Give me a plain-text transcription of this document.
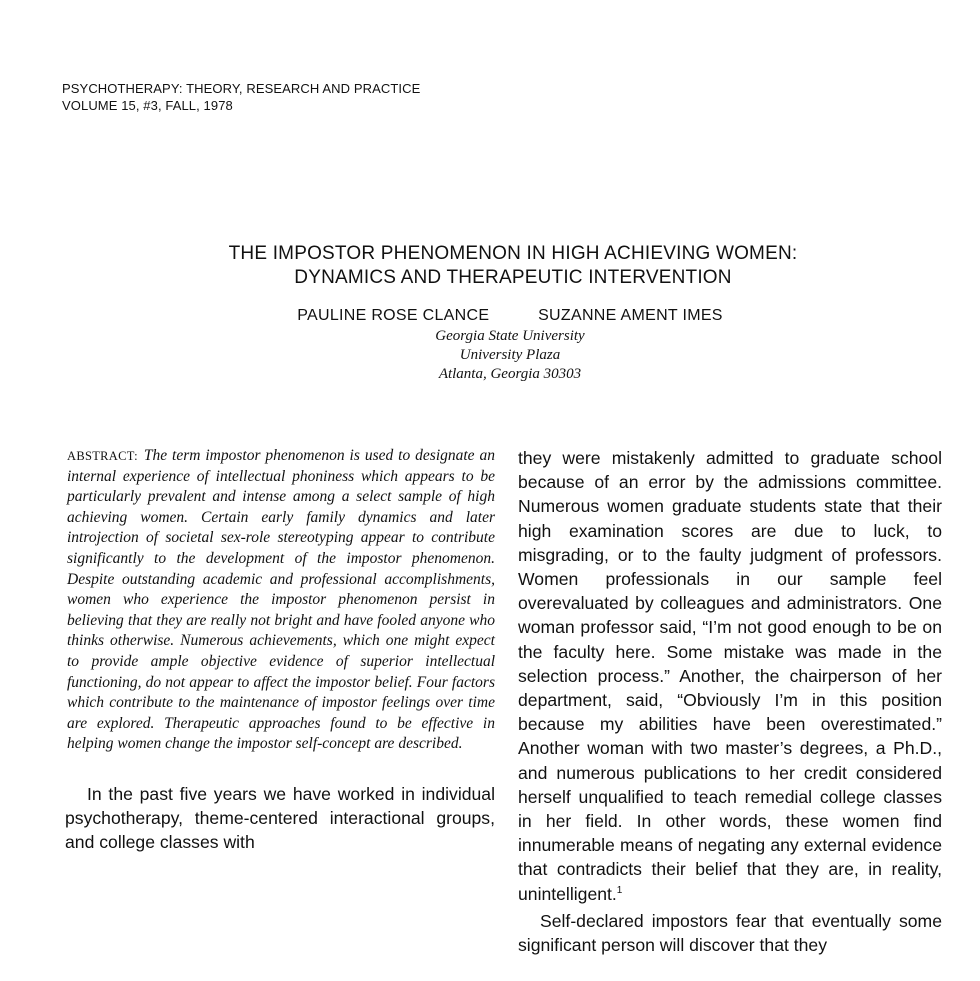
PSYCHOTHERAPY: THEORY, RESEARCH AND PRACTICE
VOLUME 15, #3, FALL, 1978
THE IMPOSTOR PHENOMENON IN HIGH ACHIEVING WOMEN:
DYNAMICS AND THERAPEUTIC INTERVENTION
PAULINE ROSE CLANCE	SUZANNE AMENT IMES
Georgia State University
University Plaza
Atlanta, Georgia 30303

ABSTRACT: The term impostor phenomenon is used to designate an internal experience of intellectual phoniness which appears to be particularly prevalent and intense among a select sample of high achieving women. Certain early family dynamics and later introjection of societal sex-role stereotyping appear to contribute significantly to the development of the impostor phenomenon. Despite outstanding academic and professional accomplishments, women who experience the impostor phenomenon persist in believing that they are really not bright and have fooled anyone who thinks otherwise. Numerous achievements, which one might expect to provide ample objective evidence of superior intellectual functioning, do not appear to affect the impostor belief. Four factors which contribute to the maintenance of impostor feelings over time are explored. Therapeutic approaches found to be effective in helping women change the impostor self-concept are described.

In the past five years we have worked in individual psychotherapy, theme-centered interactional groups, and college classes with

they were mistakenly admitted to graduate school because of an error by the admissions committee. Numerous women graduate students state that their high examination scores are due to luck, to misgrading, or to the faulty judgment of professors. Women professionals in our sample feel overevaluated by colleagues and administrators. One woman professor said, “I’m not good enough to be on the faculty here. Some mistake was made in the selection process.” Another, the chairperson of her department, said, “Obviously I’m in this position because my abilities have been overestimated.” Another woman with two master’s degrees, a Ph.D., and numerous publications to her credit considered herself unqualified to teach remedial college classes in her field. In other words, these women find innumerable means of negating any external evidence that contradicts their belief that they are, in reality, unintelligent.$^1$

Self-declared impostors fear that eventually some significant person will discover that they
